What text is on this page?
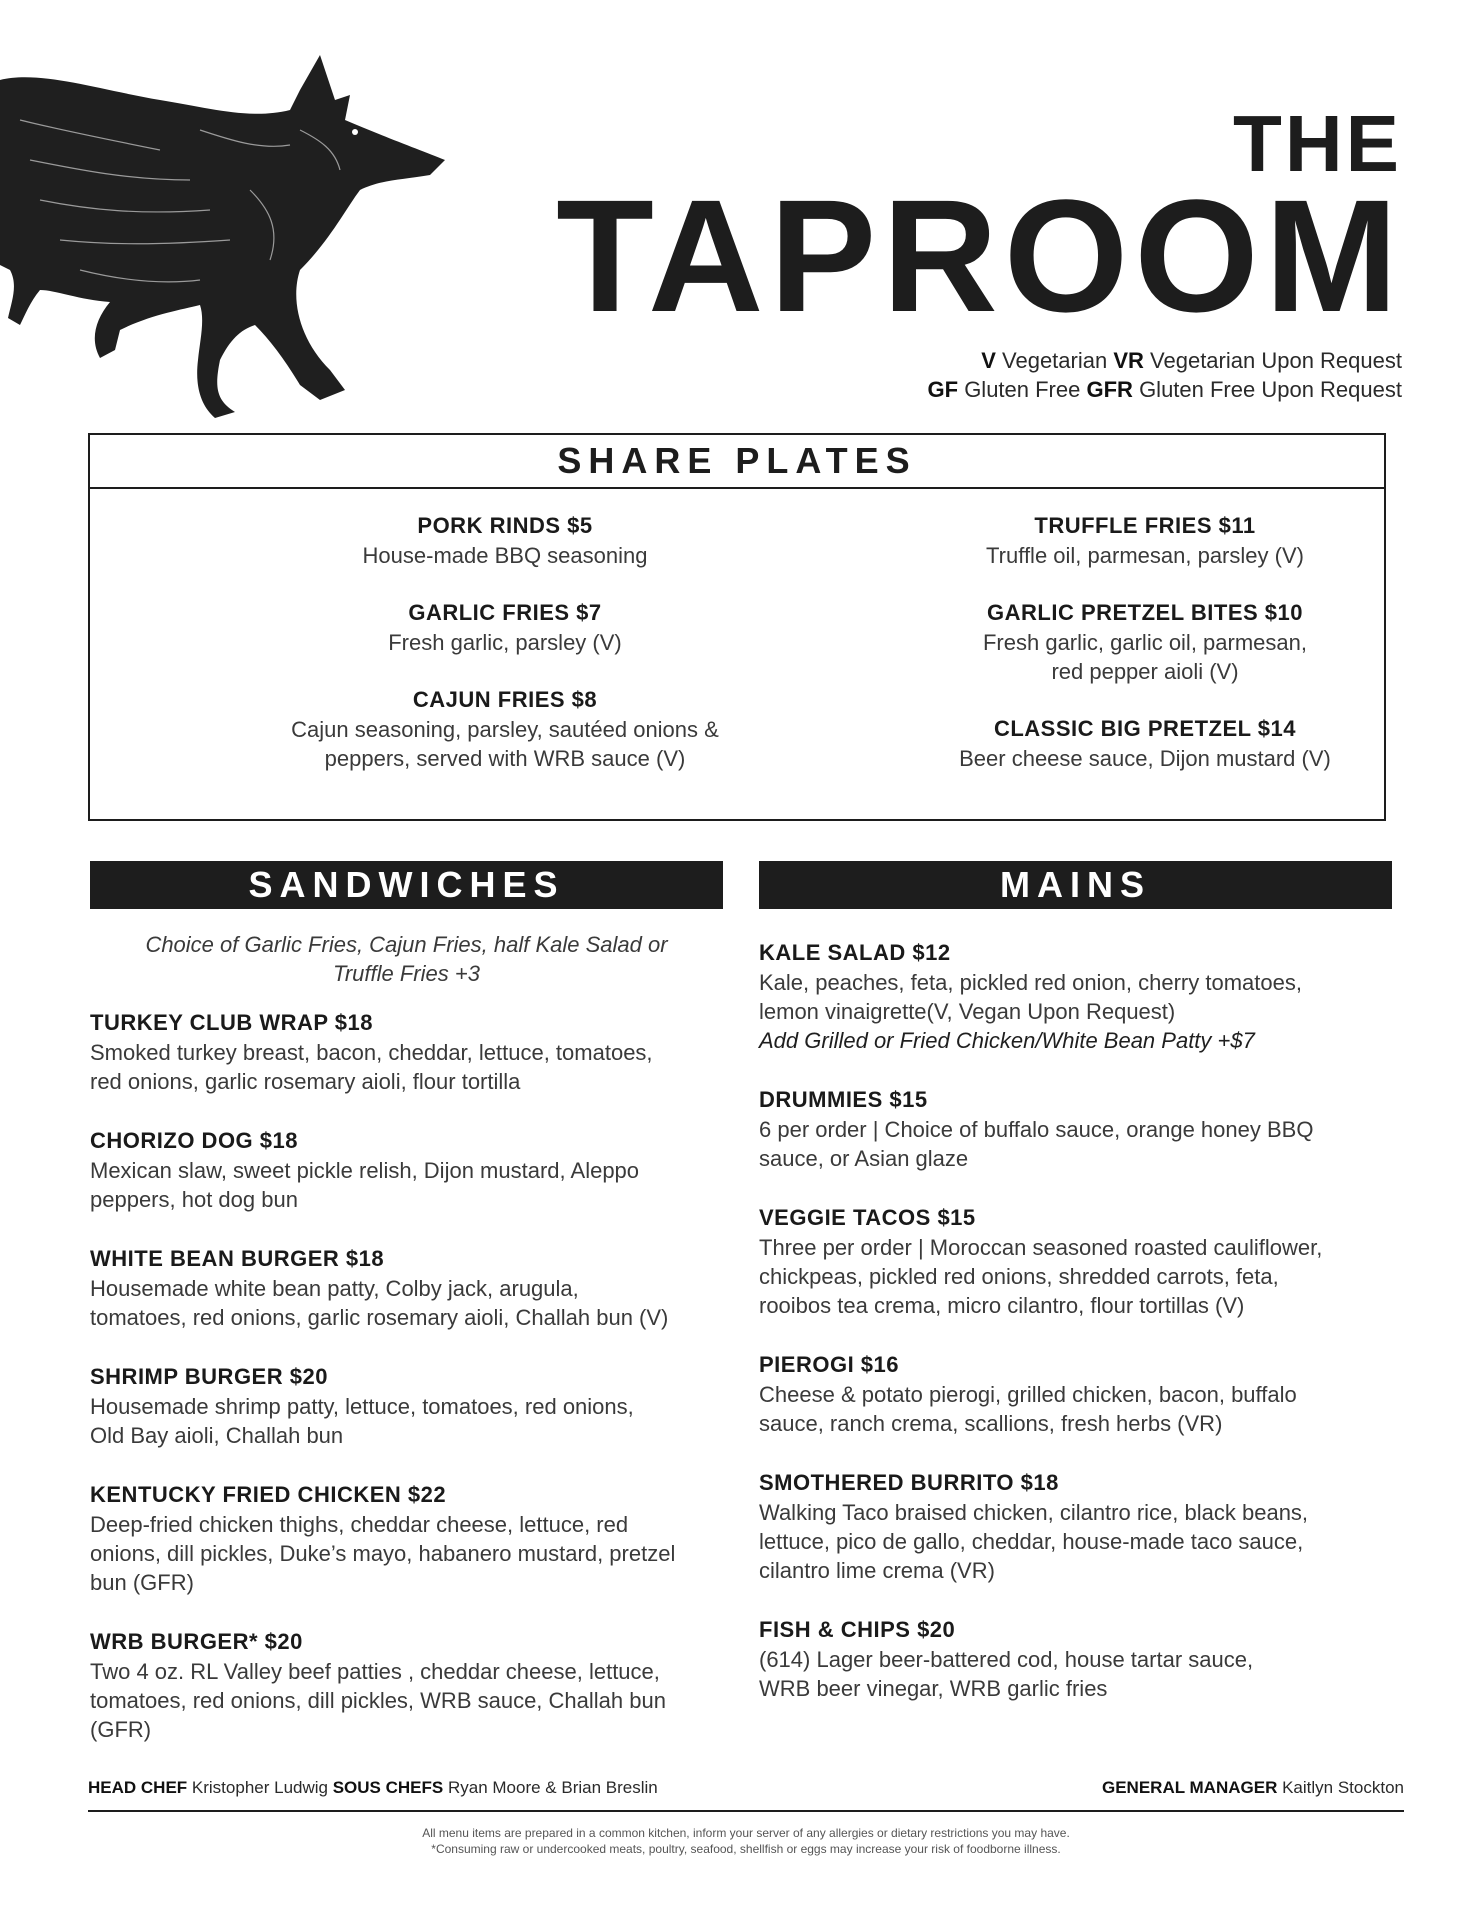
THE
TAPROOM
V Vegetarian VR Vegetarian Upon Request
GF Gluten Free GFR Gluten Free Upon Request
SHARE PLATES
PORK RINDS $5
House-made BBQ seasoning
GARLIC FRIES $7
Fresh garlic, parsley (V)
CAJUN FRIES $8
Cajun seasoning, parsley, sautéed onions &
peppers, served with WRB sauce (V)
TRUFFLE FRIES $11
Truffle oil, parmesan, parsley (V)
GARLIC PRETZEL BITES $10
Fresh garlic, garlic oil, parmesan,
red pepper aioli (V)
CLASSIC BIG PRETZEL $14
Beer cheese sauce, Dijon mustard (V)
SANDWICHES
Choice of Garlic Fries, Cajun Fries, half Kale Salad or
Truffle Fries +3
TURKEY CLUB WRAP $18
Smoked turkey breast, bacon, cheddar, lettuce, tomatoes,
red onions, garlic rosemary aioli, flour tortilla
CHORIZO DOG $18
Mexican slaw, sweet pickle relish, Dijon mustard, Aleppo
peppers, hot dog bun
WHITE BEAN BURGER $18
Housemade white bean patty, Colby jack, arugula,
tomatoes, red onions, garlic rosemary aioli, Challah bun (V)
SHRIMP BURGER $20
Housemade shrimp patty, lettuce, tomatoes, red onions,
Old Bay aioli, Challah bun
KENTUCKY FRIED CHICKEN $22
Deep-fried chicken thighs, cheddar cheese, lettuce, red
onions, dill pickles, Duke’s mayo, habanero mustard, pretzel
bun (GFR)
WRB BURGER* $20
Two 4 oz. RL Valley beef patties , cheddar cheese, lettuce,
tomatoes, red onions, dill pickles, WRB sauce, Challah bun
(GFR)
MAINS
KALE SALAD $12
Kale, peaches, feta, pickled red onion, cherry tomatoes,
lemon vinaigrette(V, Vegan Upon Request)
Add Grilled or Fried Chicken/White Bean Patty +$7
DRUMMIES $15
6 per order | Choice of buffalo sauce, orange honey BBQ
sauce, or Asian glaze
VEGGIE TACOS $15
Three per order | Moroccan seasoned roasted cauliflower,
chickpeas, pickled red onions, shredded carrots, feta,
rooibos tea crema, micro cilantro, flour tortillas (V)
PIEROGI $16
Cheese & potato pierogi, grilled chicken, bacon, buffalo
sauce, ranch crema, scallions, fresh herbs (VR)
SMOTHERED BURRITO $18
Walking Taco braised chicken, cilantro rice, black beans,
lettuce, pico de gallo, cheddar, house-made taco sauce,
cilantro lime crema (VR)
FISH & CHIPS $20
(614) Lager beer-battered cod, house tartar sauce,
WRB beer vinegar, WRB garlic fries
HEAD CHEF Kristopher Ludwig SOUS CHEFS Ryan Moore & Brian Breslin	GENERAL MANAGER Kaitlyn Stockton
All menu items are prepared in a common kitchen, inform your server of any allergies or dietary restrictions you may have.
*Consuming raw or undercooked meats, poultry, seafood, shellfish or eggs may increase your risk of foodborne illness.
